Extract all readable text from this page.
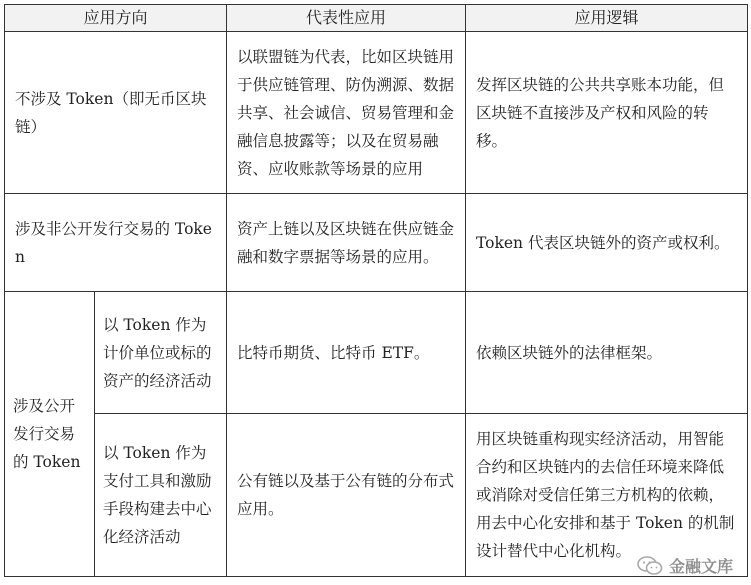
应用方向		代表性应用	应用逻辑
不涉及 Token（即无币区块链）		以联盟链为代表，比如区块链用于供应链管理、防伪溯源、数据共享、社会诚信、贸易管理和金融信息披露等；以及在贸易融资、应收账款等场景的应用	发挥区块链的公共共享账本功能，但区块链不直接涉及产权和风险的转移。
涉及非公开发行交易的 Token		资产上链以及区块链在供应链金融和数字票据等场景的应用。	Token 代表区块链外的资产或权利。
涉及公开发行交易的 Token	以 Token 作为计价单位或标的资产的经济活动	比特币期货、比特币 ETF。	依赖区块链外的法律框架。
	以 Token 作为支付工具和激励手段构建去中心化经济活动	公有链以及基于公有链的分布式应用。	用区块链重构现实经济活动，用智能合约和区块链内的去信任环境来降低或消除对受信任第三方机构的依赖，用去中心化安排和基于 Token 的机制设计替代中心化机构。
金融文库
